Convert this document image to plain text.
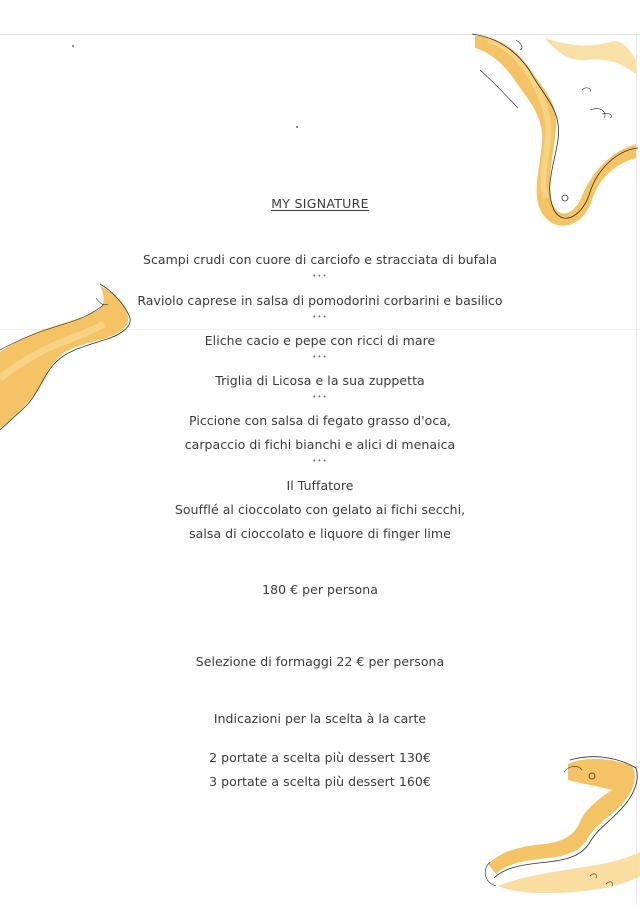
MY SIGNATURE
Scampi crudi con cuore di carciofo e stracciata di bufala
•••
Raviolo caprese in salsa di pomodorini corbarini e basilico
•••
Eliche cacio e pepe con ricci di mare
•••
Triglia di Licosa e la sua zuppetta
•••
Piccione con salsa di fegato grasso d'oca,
carpaccio di fichi bianchi e alici di menaica
•••
Il Tuffatore
Soufflé al cioccolato con gelato ai fichi secchi,
salsa di cioccolato e liquore di finger lime
180 € per persona
Selezione di formaggi 22 € per persona
Indicazioni per la scelta à la carte
2 portate a scelta più dessert 130€
3 portate a scelta più dessert 160€
